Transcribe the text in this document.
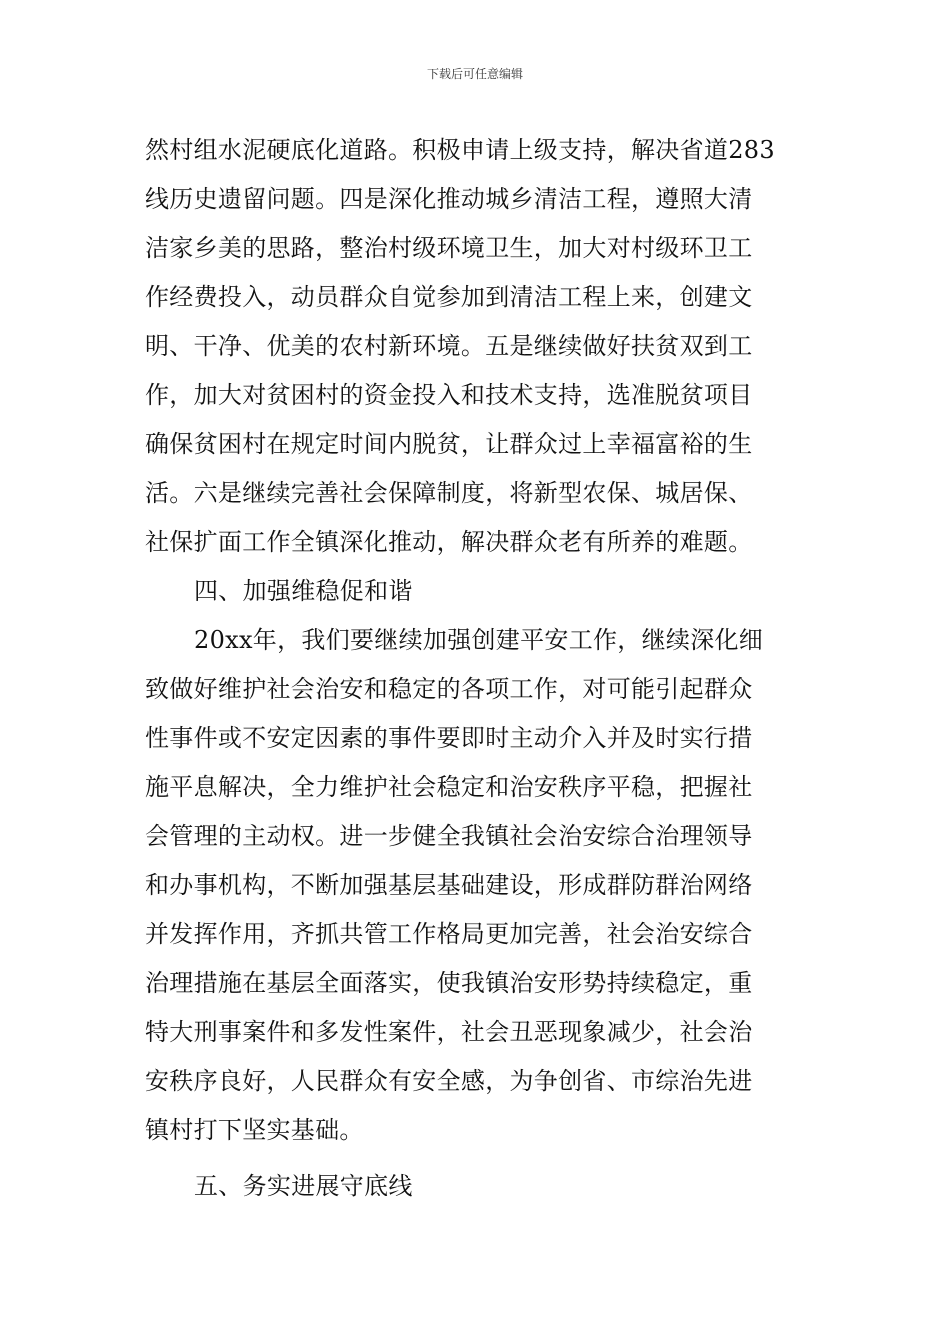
下载后可任意编辑
然村组水泥硬底化道路。积极申请上级支持，解决省道283
线历史遗留问题。四是深化推动城乡清洁工程，遵照大清
洁家乡美的思路，整治村级环境卫生，加大对村级环卫工
作经费投入，动员群众自觉参加到清洁工程上来，创建文
明、干净、优美的农村新环境。五是继续做好扶贫双到工
作，加大对贫困村的资金投入和技术支持，选准脱贫项目
确保贫困村在规定时间内脱贫，让群众过上幸福富裕的生
活。六是继续完善社会保障制度，将新型农保、城居保、
社保扩面工作全镇深化推动，解决群众老有所养的难题。
四、加强维稳促和谐
20xx年，我们要继续加强创建平安工作，继续深化细
致做好维护社会治安和稳定的各项工作，对可能引起群众
性事件或不安定因素的事件要即时主动介入并及时实行措
施平息解决，全力维护社会稳定和治安秩序平稳，把握社
会管理的主动权。进一步健全我镇社会治安综合治理领导
和办事机构，不断加强基层基础建设，形成群防群治网络
并发挥作用，齐抓共管工作格局更加完善，社会治安综合
治理措施在基层全面落实，使我镇治安形势持续稳定，重
特大刑事案件和多发性案件，社会丑恶现象减少，社会治
安秩序良好，人民群众有安全感，为争创省、市综治先进
镇村打下坚实基础。
五、务实进展守底线
